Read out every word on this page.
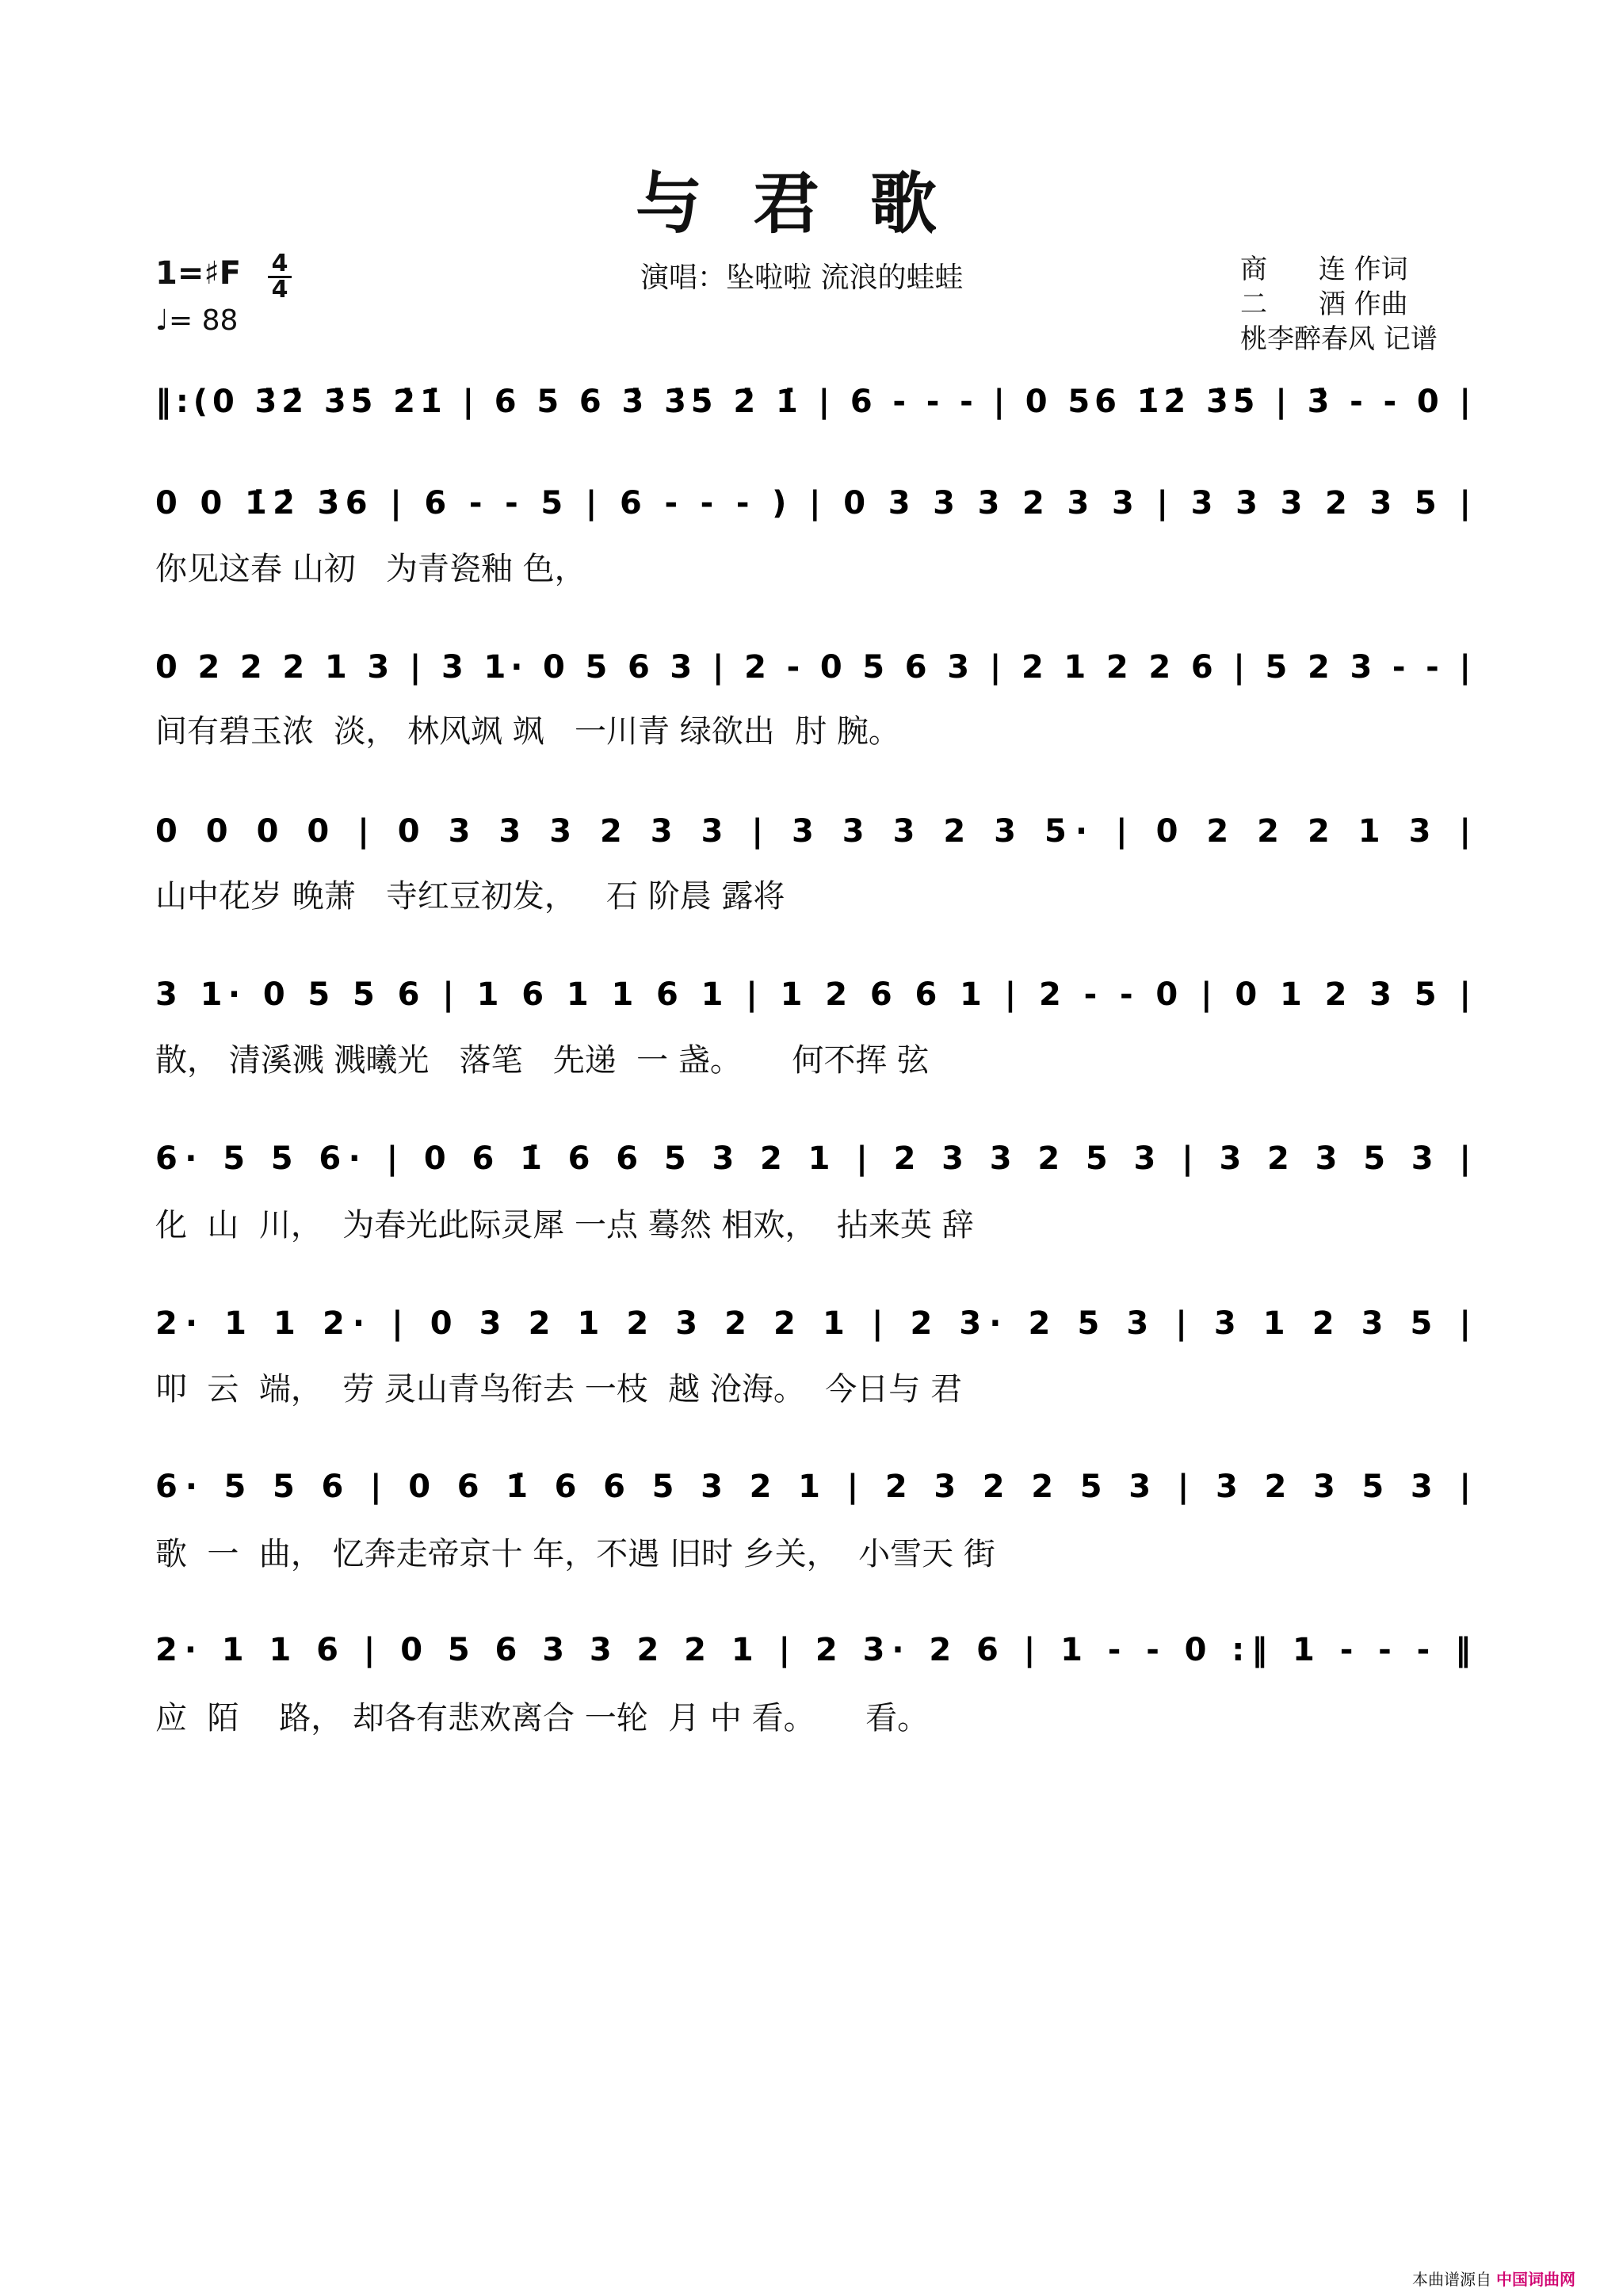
与君歌
1=♯F 4
4
♩= 88
演唱：坠啦啦 流浪的蛙蛙	商      连 作词
二      酒 作曲
桃李醉春风 记谱
‖:(0 3̇2̇ 3̇5̇ 2̇1̇ | 6 5 6 3̇ 3̇5̇ 2̇ 1̇ | 6 - - - | 0 56 1̇2̇ 3̇5̇ | 3̇ - - 0 |
0 0 1̇2̇ 3̇6 | 6 - - 5 | 6 - - - ) | 0 3 3 3 2 3 3 | 3 3 3 2 3 5 |
0 2 2 2 1 3 | 3 1· 0 5 6 3 | 2 - 0 5 6 3 | 2 1 2 2 6 | 5 2 3 - - |
0 0 0 0 | 0 3 3 3 2 3 3 | 3 3 3 2 3 5· | 0 2 2 2 1 3 |
3 1· 0 5 5 6 | 1 6 1 1 6 1 | 1 2 6 6 1 | 2 - - 0 | 0 1 2 3 5 |
6· 5 5 6· | 0 6 1̇ 6 6 5 3 2 1 | 2 3 3 2 5 3 | 3 2 3 5 3 |
2· 1 1 2· | 0 3 2 1 2 3 2 2 1 | 2 3· 2 5 3 | 3 1 2 3 5 |
6· 5 5 6 | 0 6 1̇ 6 6 5 3 2 1 | 2 3 2 2 5 3 | 3 2 3 5 3 |
2· 1 1 6 | 0 5 6 3 3 2 2 1 | 2 3· 2 6 | 1 - - 0 :‖ 1 - - - ‖
你见这春 山初   为青瓷釉 色，
间有碧玉浓  淡， 林风飒 飒   一川青 绿欲出  肘 腕。
山中花岁 晚萧   寺红豆初发，   石 阶晨 露将
散， 清溪溅 溅曦光   落笔   先递  一 盏。     何不挥 弦
化  山  川，  为春光此际灵犀 一点 蓦然 相欢，  拈来英 辞
叩  云  端，  劳 灵山青鸟衔去 一枝  越 沧海。  今日与 君
歌  一  曲， 忆奔走帝京十 年，不遇 旧时 乡关，  小雪天 街
应  陌    路， 却各有悲欢离合 一轮  月 中 看。     看。
本曲谱源自 中国词曲网
